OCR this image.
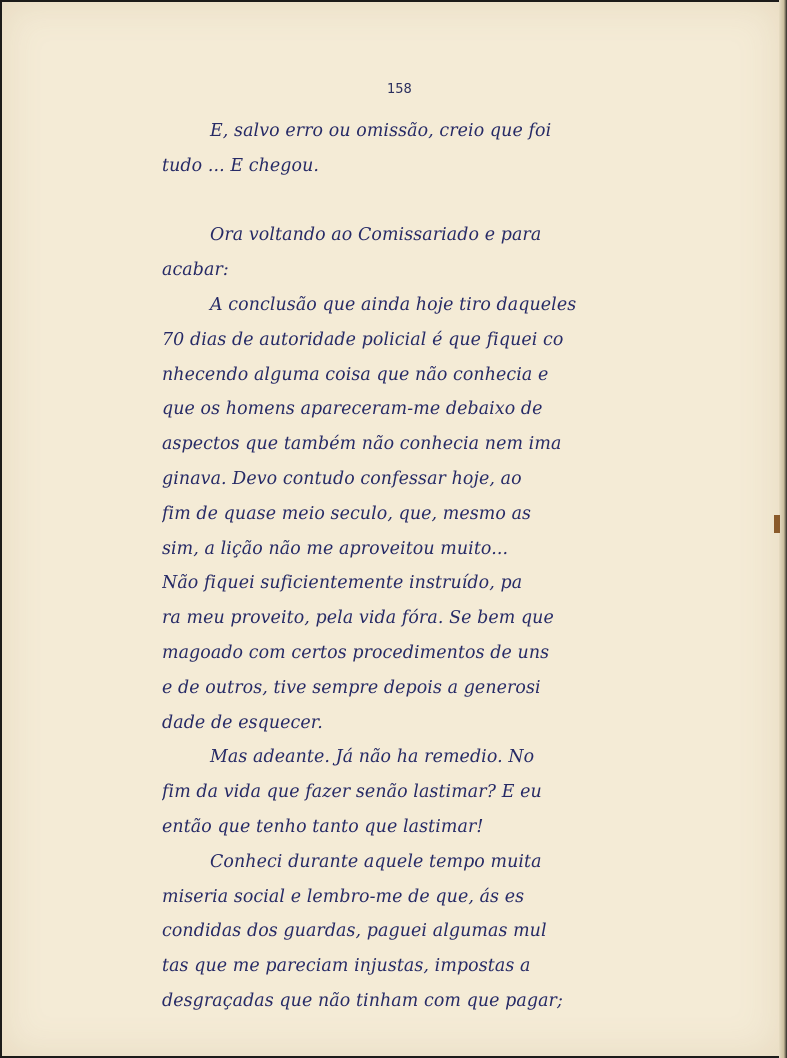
158
E, salvo erro ou omissão, creio que foi
tudo ... E chegou.
Ora voltando ao Comissariado e para
acabar:
A conclusão que ainda hoje tiro daqueles
70 dias de autoridade policial é que fiquei co
nhecendo alguma coisa que não conhecia e
que os homens apareceram-me debaixo de
aspectos que também não conhecia nem ima
ginava. Devo contudo confessar hoje, ao
fim de quase meio seculo, que, mesmo as
sim, a lição não me aproveitou muito...
Não fiquei suficientemente instruído, pa
ra meu proveito, pela vida fóra. Se bem que
magoado com certos procedimentos de uns
e de outros, tive sempre depois a generosi
dade de esquecer.
Mas adeante. Já não ha remedio. No
fim da vida que fazer senão lastimar? E eu
então que tenho tanto que lastimar!
Conheci durante aquele tempo muita
miseria social e lembro-me de que, ás es
condidas dos guardas, paguei algumas mul
tas que me pareciam injustas, impostas a
desgraçadas que não tinham com que pagar;
